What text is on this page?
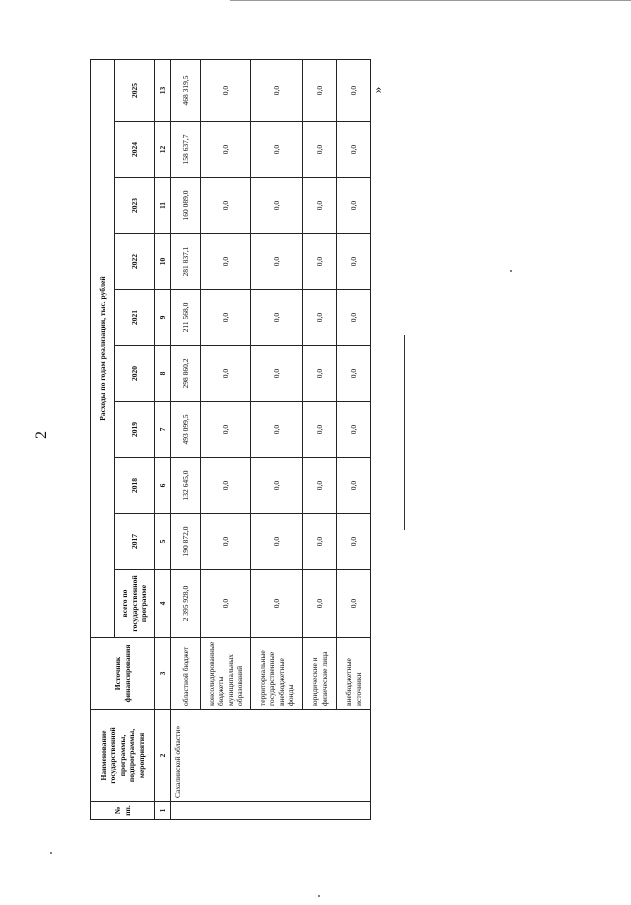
2
»
№ пп.	Наименование государственной программы, подпрограммы, мероприятия	Источник финансирования	Расходы по годам реализации, тыс. рублей									
			всего по государственной программе	2017	2018	2019	2020	2021	2022	2023	2024	2025
1	2	3	4	5	6	7	8	9	10	11	12	13
	Сахалинской области»	областной бюджет	2 395 928,0	190 872,0	132 645,0	493 099,5	298 860,2	211 568,0	281 837,1	160 089,0	158 637,7	468 319,5
		консолидированные бюджеты муниципальных образований	0,0	0,0	0,0	0,0	0,0	0,0	0,0	0,0	0,0	0,0
		территориальные государственные внебюджетные фонды	0,0	0,0	0,0	0,0	0,0	0,0	0,0	0,0	0,0	0,0
		юридические и физические лица	0,0	0,0	0,0	0,0	0,0	0,0	0,0	0,0	0,0	0,0
		внебюджетные источники	0,0	0,0	0,0	0,0	0,0	0,0	0,0	0,0	0,0	0,0
